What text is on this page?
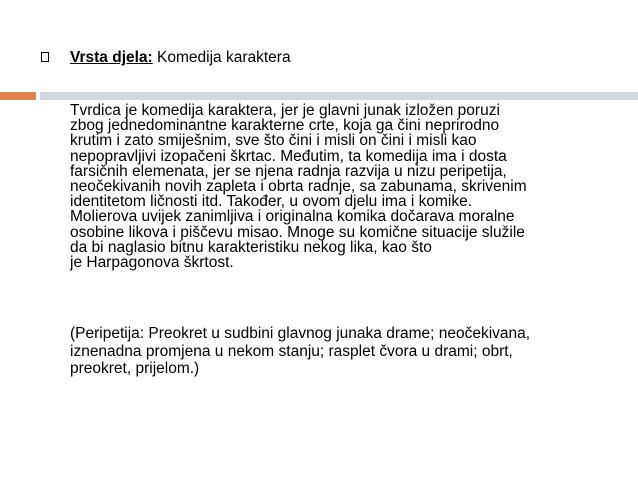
Vrsta djela: Komedija karaktera
Tvrdica je komedija karaktera, jer je glavni junak izložen poruzi
zbog jednedominantne karakterne crte, koja ga čini neprirodno
krutim i zato smiješnim, sve što čini i misli on čini i misli kao
nepopravljivi izopačeni škrtac. Međutim, ta komedija ima i dosta
farsičnih elemenata, jer se njena radnja razvija u nizu peripetija,
neočekivanih novih zapleta i obrta radnje, sa zabunama, skrivenim
identitetom ličnosti itd. Također, u ovom djelu ima i komike.
Molierova uvijek zanimljiva i originalna komika dočarava moralne
osobine likova i piščevu misao. Mnoge su komične situacije služile
da bi naglasio bitnu karakteristiku nekog lika, kao što
je Harpagonova škrtost.
(Peripetija: Preokret u sudbini glavnog junaka drame; neočekivana,
iznenadna promjena u nekom stanju; rasplet čvora u drami; obrt,
preokret, prijelom.)
